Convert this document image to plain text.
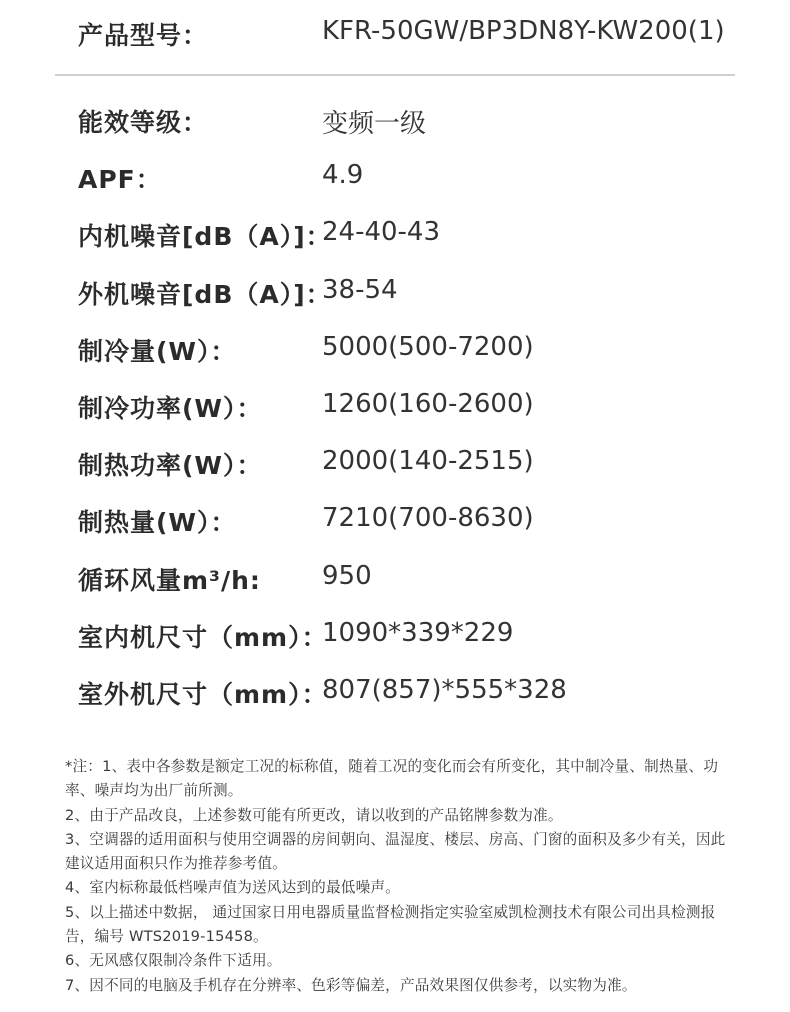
产品型号：	KFR-50GW/BP3DN8Y-KW200(1)
能效等级：	变频一级
APF：	4.9
内机噪音[dB（A）]：
24-40-43
外机噪音[dB（A）]：
38-54
制冷量(W）：	5000(500-7200)
制冷功率(W）： 1260(160-2600)
制热功率(W）： 2000(140-2515)
制热量(W）：	7210(700-8630)
循环风量m³/h: 950
室内机尺寸（mm）：
1090*339*229
室外机尺寸（mm）：
807(857)*555*328
*注：1、表中各参数是额定工况的标称值，随着工况的变化而会有所变化，其中制冷量、制热量、功率、噪声均为出厂前所测。
2、由于产品改良，上述参数可能有所更改，请以收到的产品铭牌参数为准。
3、空调器的适用面积与使用空调器的房间朝向、温湿度、楼层、房高、门窗的面积及多少有关，因此建议适用面积只作为推荐参考值。
4、室内标称最低档噪声值为送风达到的最低噪声。
5、以上描述中数据， 通过国家日用电器质量监督检测指定实验室威凯检测技术有限公司出具检测报告，编号 WTS2019-15458。
6、无风感仅限制冷条件下适用。
7、因不同的电脑及手机存在分辨率、色彩等偏差，产品效果图仅供参考，以实物为准。
